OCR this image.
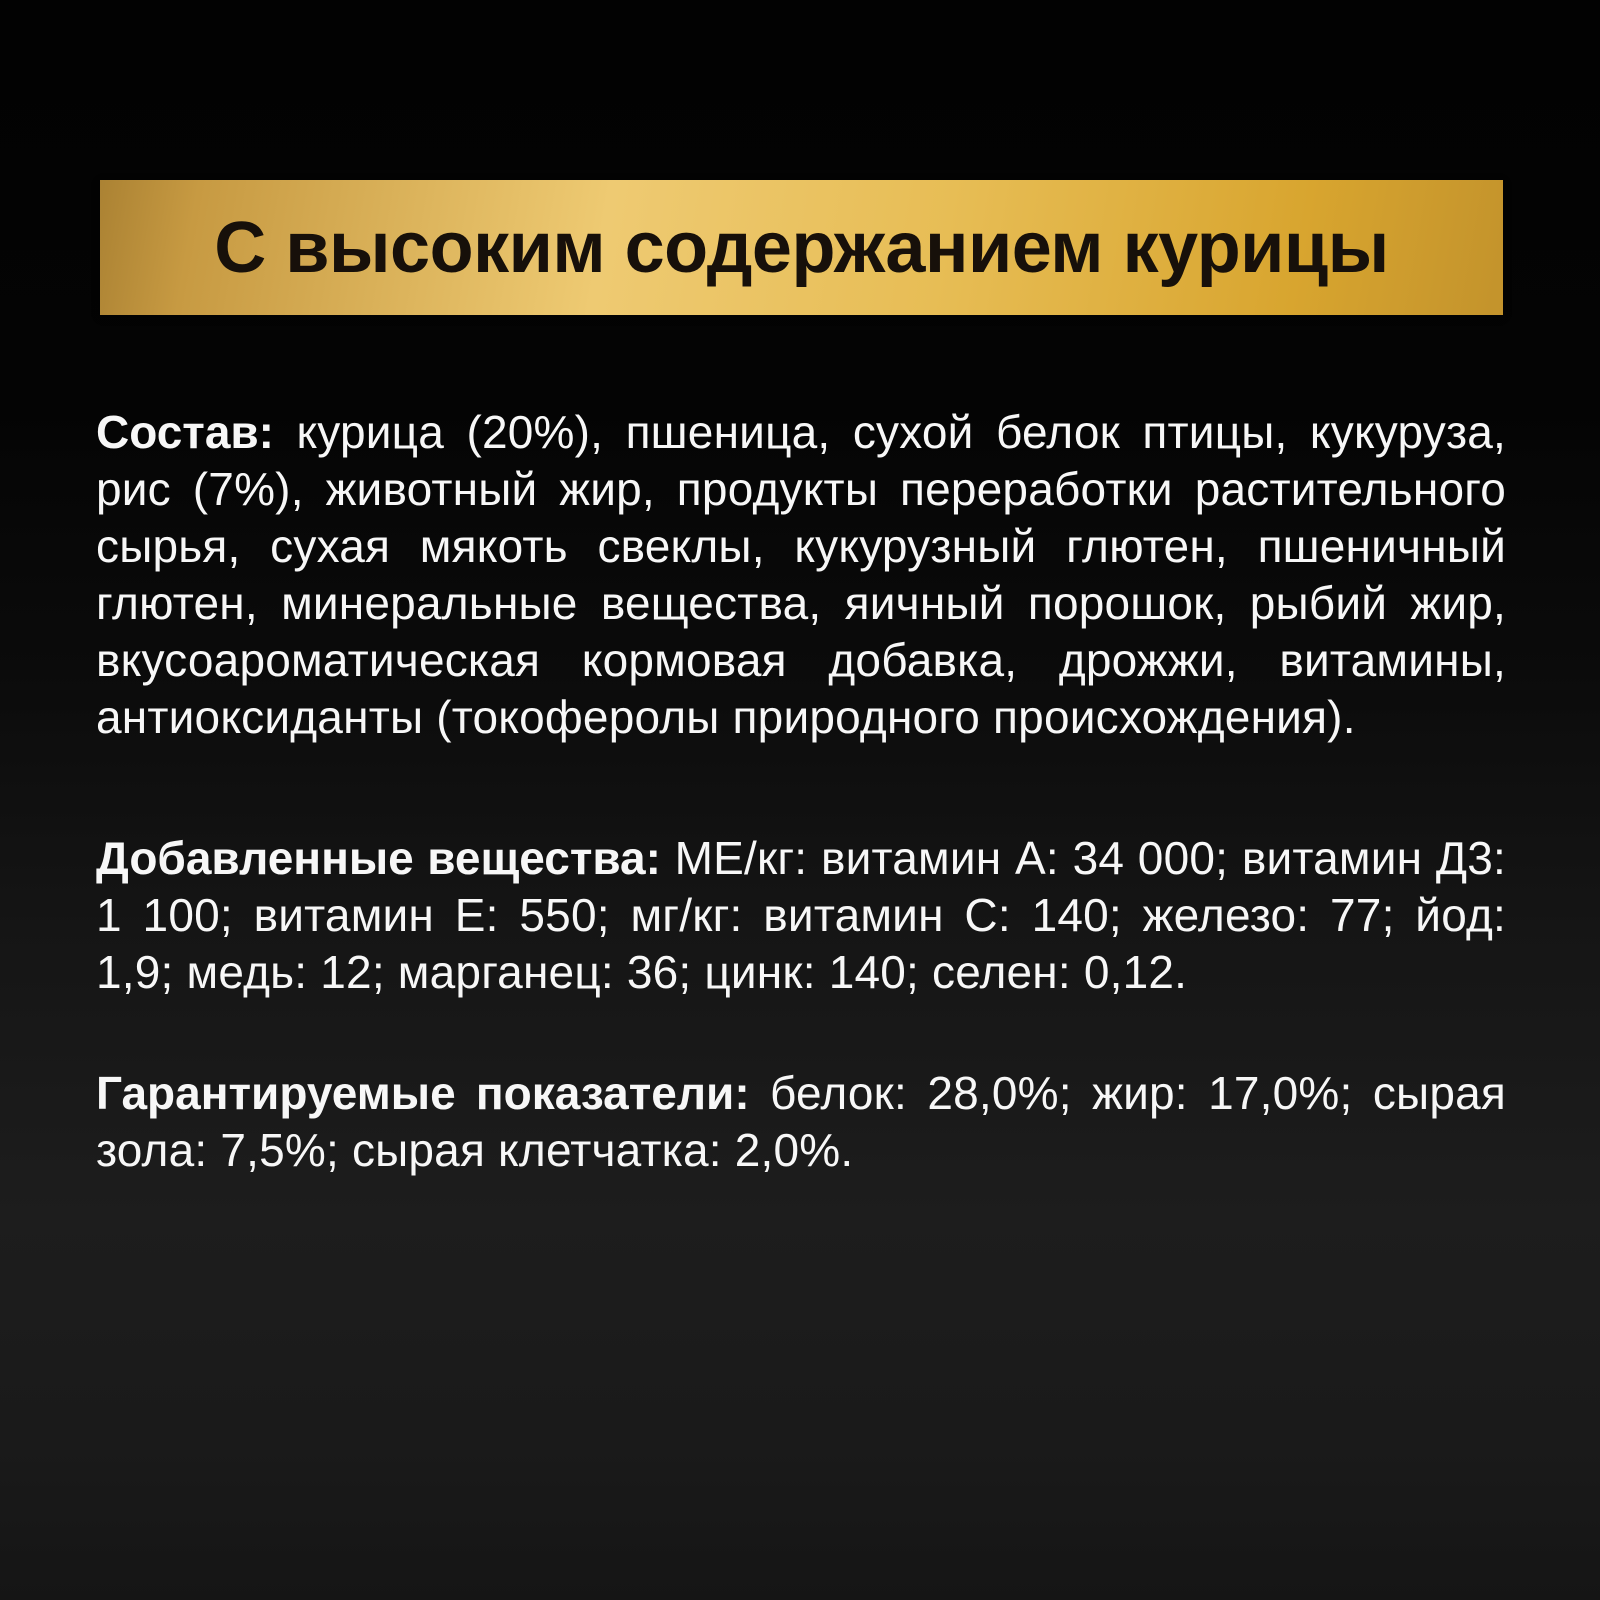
С высоким содержанием курицы

Состав: курица (20%), пшеница, сухой белок птицы, кукуруза, рис (7%), животный жир, продукты переработки растительного сырья, сухая мякоть свеклы, кукурузный глютен, пшеничный глютен, минеральные вещества, яичный порошок, рыбий жир, вкусоароматическая кормовая добавка, дрожжи, витамины, антиоксиданты (токоферолы природного происхождения).

Добавленные вещества: МЕ/кг: витамин А: 34 000; витамин Д3: 1 100; витамин Е: 550; мг/кг: витамин С: 140; железо: 77; йод: 1,9; медь: 12; марганец: 36; цинк: 140; селен: 0,12.

Гарантируемые показатели: белок: 28,0%; жир: 17,0%; сырая зола: 7,5%; сырая клетчатка: 2,0%.
